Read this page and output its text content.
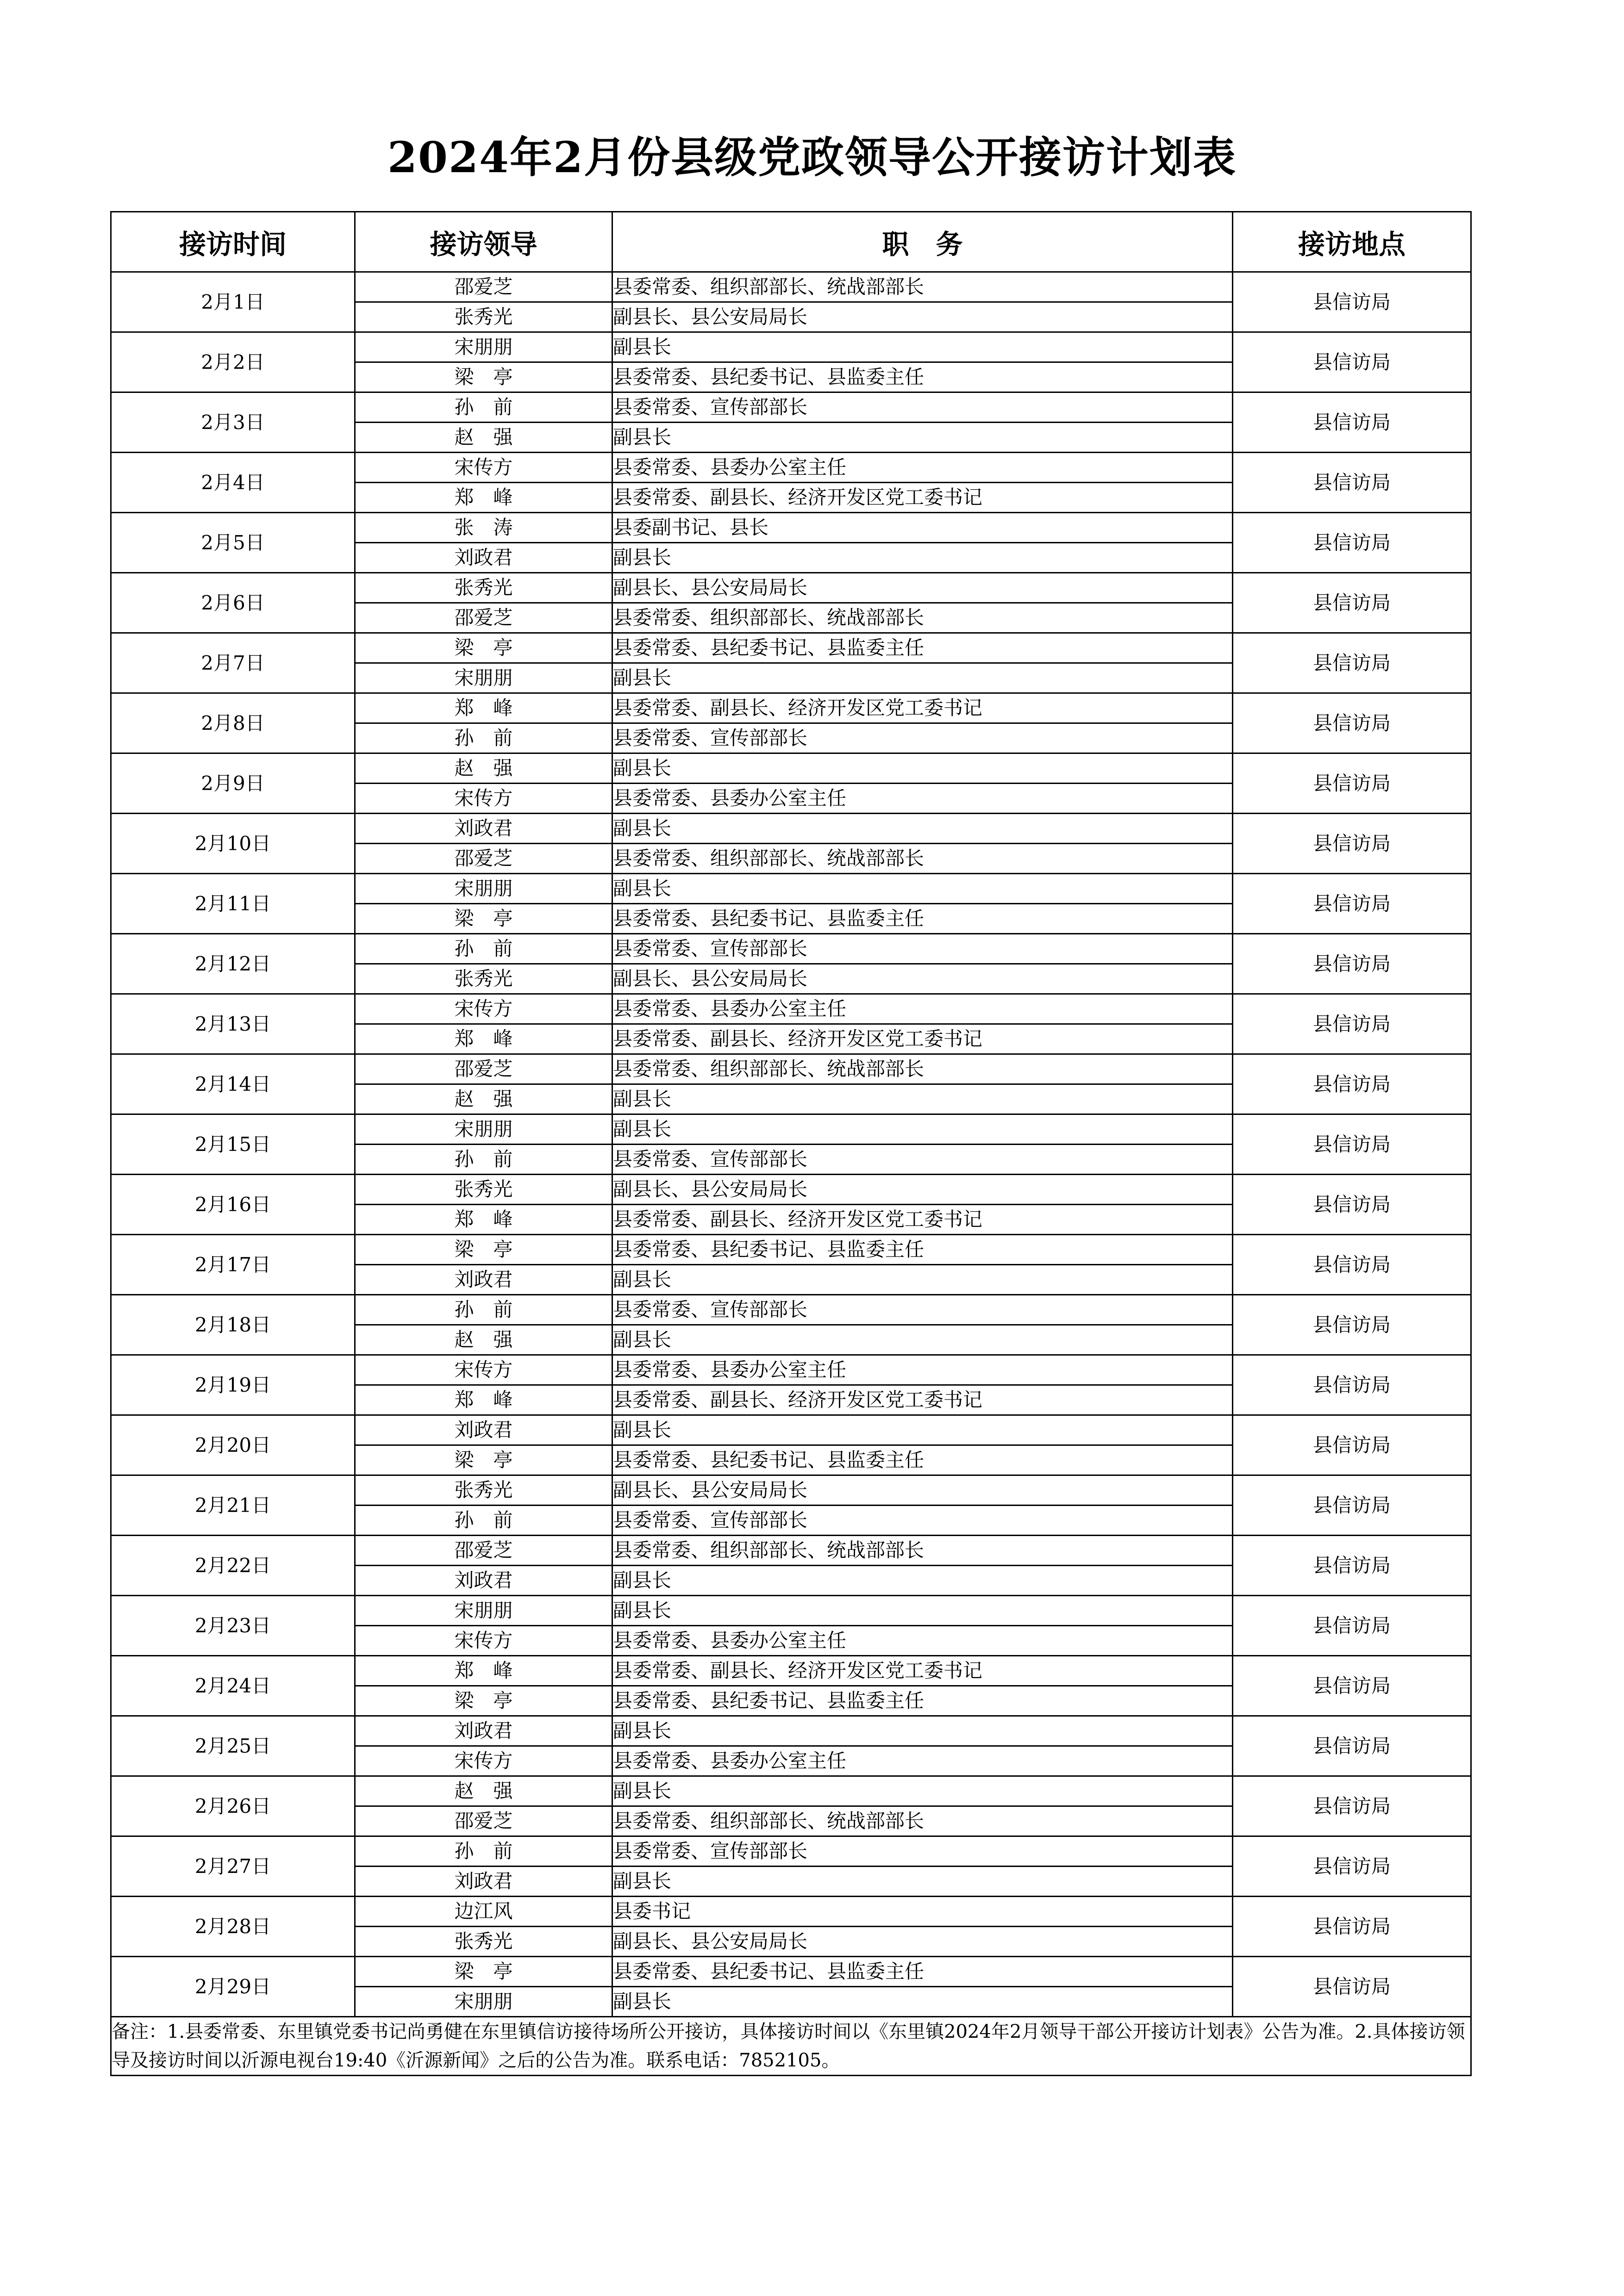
2024年2月份县级党政领导公开接访计划表
接访时间	接访领导	职　务	接访地点
2月1日	邵爱芝	县委常委、组织部部长、统战部部长	县信访局
	张秀光	副县长、县公安局局长	
2月2日	宋朋朋	副县长	县信访局
	梁　亭	县委常委、县纪委书记、县监委主任	
2月3日	孙　前	县委常委、宣传部部长	县信访局
	赵　强	副县长	
2月4日	宋传方	县委常委、县委办公室主任	县信访局
	郑　峰	县委常委、副县长、经济开发区党工委书记	
2月5日	张　涛	县委副书记、县长	县信访局
	刘政君	副县长	
2月6日	张秀光	副县长、县公安局局长	县信访局
	邵爱芝	县委常委、组织部部长、统战部部长	
2月7日	梁　亭	县委常委、县纪委书记、县监委主任	县信访局
	宋朋朋	副县长	
2月8日	郑　峰	县委常委、副县长、经济开发区党工委书记	县信访局
	孙　前	县委常委、宣传部部长	
2月9日	赵　强	副县长	县信访局
	宋传方	县委常委、县委办公室主任	
2月10日	刘政君	副县长	县信访局
	邵爱芝	县委常委、组织部部长、统战部部长	
2月11日	宋朋朋	副县长	县信访局
	梁　亭	县委常委、县纪委书记、县监委主任	
2月12日	孙　前	县委常委、宣传部部长	县信访局
	张秀光	副县长、县公安局局长	
2月13日	宋传方	县委常委、县委办公室主任	县信访局
	郑　峰	县委常委、副县长、经济开发区党工委书记	
2月14日	邵爱芝	县委常委、组织部部长、统战部部长	县信访局
	赵　强	副县长	
2月15日	宋朋朋	副县长	县信访局
	孙　前	县委常委、宣传部部长	
2月16日	张秀光	副县长、县公安局局长	县信访局
	郑　峰	县委常委、副县长、经济开发区党工委书记	
2月17日	梁　亭	县委常委、县纪委书记、县监委主任	县信访局
	刘政君	副县长	
2月18日	孙　前	县委常委、宣传部部长	县信访局
	赵　强	副县长	
2月19日	宋传方	县委常委、县委办公室主任	县信访局
	郑　峰	县委常委、副县长、经济开发区党工委书记	
2月20日	刘政君	副县长	县信访局
	梁　亭	县委常委、县纪委书记、县监委主任	
2月21日	张秀光	副县长、县公安局局长	县信访局
	孙　前	县委常委、宣传部部长	
2月22日	邵爱芝	县委常委、组织部部长、统战部部长	县信访局
	刘政君	副县长	
2月23日	宋朋朋	副县长	县信访局
	宋传方	县委常委、县委办公室主任	
2月24日	郑　峰	县委常委、副县长、经济开发区党工委书记	县信访局
	梁　亭	县委常委、县纪委书记、县监委主任	
2月25日	刘政君	副县长	县信访局
	宋传方	县委常委、县委办公室主任	
2月26日	赵　强	副县长	县信访局
	邵爱芝	县委常委、组织部部长、统战部部长	
2月27日	孙　前	县委常委、宣传部部长	县信访局
	刘政君	副县长	
2月28日	边江风	县委书记	县信访局
	张秀光	副县长、县公安局局长	
2月29日	梁　亭	县委常委、县纪委书记、县监委主任	县信访局
	宋朋朋	副县长	
备注：1.县委常委、东里镇党委书记尚勇健在东里镇信访接待场所公开接访，具体接访时间以《东里镇2024年2月领导干部公开接访计划表》公告为准。2.具体接访领导及接访时间以沂源电视台19:40《沂源新闻》之后的公告为准。联系电话：7852105。			
